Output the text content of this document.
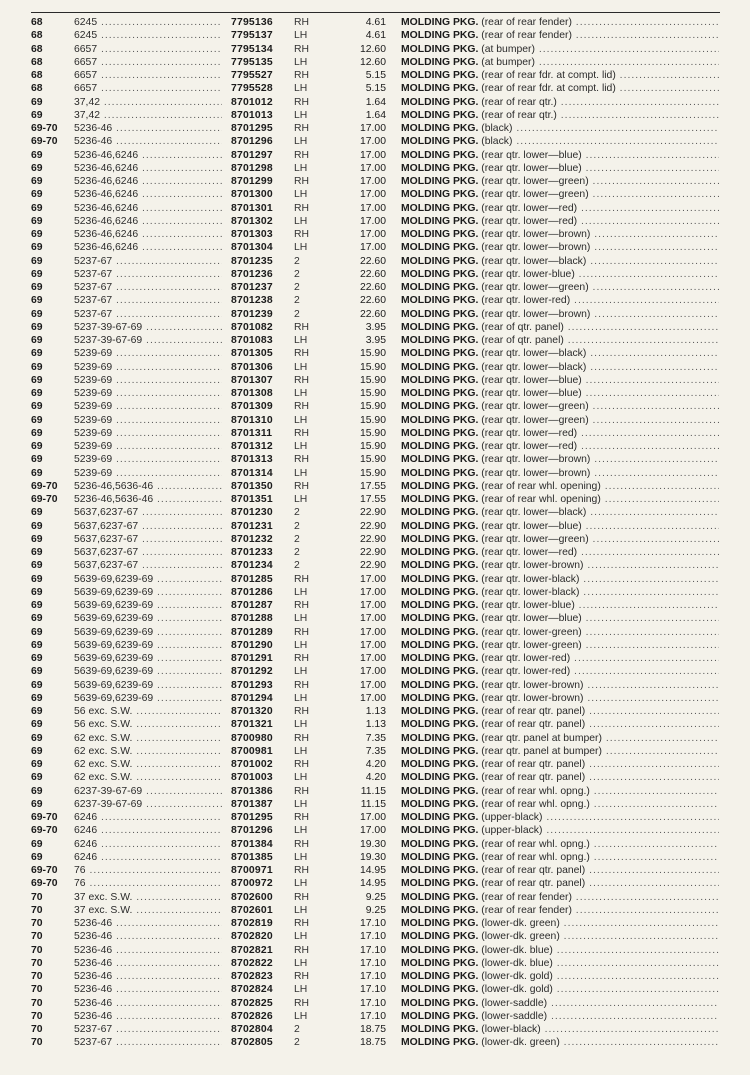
68	6245 .....	7795136 RH	4.61 MOLDING PKG. (rear of rear fender) .....
68	6245 .....	7795137 LH	4.61 MOLDING PKG. (rear of rear fender) .....
68	6657 .....	7795134 RH	12.60 MOLDING PKG. (at bumper) .....
68	6657 .....	7795135 LH	12.60 MOLDING PKG. (at bumper) .....
68	6657 .....	7795527 RH	5.15 MOLDING PKG. (rear of rear fdr. at compt. lid) .....
68	6657 .....	7795528 LH	5.15 MOLDING PKG. (rear of rear fdr. at compt. lid) .....
69	37,42 .....	8701012 RH	1.64 MOLDING PKG. (rear of rear qtr.) .....
69	37,42 .....	8701013 LH	1.64 MOLDING PKG. (rear of rear qtr.) .....
69-70 5236-46 .....	8701295 RH	17.00 MOLDING PKG. (black) .....
69-70 5236-46 .....	8701296 LH	17.00 MOLDING PKG. (black) .....
69	5236-46,6246 .....	8701297 RH	17.00 MOLDING PKG. (rear qtr. lower—blue) .....
69	5236-46,6246 .....	8701298 LH	17.00 MOLDING PKG. (rear qtr. lower—blue) .....
69	5236-46,6246 .....	8701299 RH	17.00 MOLDING PKG. (rear qtr. lower—green) .....
69	5236-46,6246 .....	8701300 LH	17.00 MOLDING PKG. (rear qtr. lower—green) .....
69	5236-46,6246 .....	8701301 RH	17.00 MOLDING PKG. (rear qtr. lower—red) .....
69	5236-46,6246 .....	8701302 LH	17.00 MOLDING PKG. (rear qtr. lower—red) .....
69	5236-46,6246 .....	8701303 RH	17.00 MOLDING PKG. (rear qtr. lower—brown) .....
69	5236-46,6246 .....	8701304 LH	17.00 MOLDING PKG. (rear qtr. lower—brown) .....
69	5237-67 .....	8701235 2	22.60 MOLDING PKG. (rear qtr. lower—black) .....
69	5237-67 .....	8701236 2	22.60 MOLDING PKG. (rear qtr. lower-blue) .....
69	5237-67 .....	8701237 2	22.60 MOLDING PKG. (rear qtr. lower—green) .....
69	5237-67 .....	8701238 2	22.60 MOLDING PKG. (rear qtr. lower-red) .....
69	5237-67 .....	8701239 2	22.60 MOLDING PKG. (rear qtr. lower—brown) .....
69	5237-39-67-69 .....	8701082 RH	3.95 MOLDING PKG. (rear of qtr. panel) .....
69	5237-39-67-69 .....	8701083 LH	3.95 MOLDING PKG. (rear of qtr. panel) .....
69	5239-69 .....	8701305 RH	15.90 MOLDING PKG. (rear qtr. lower—black) .....
69	5239-69 .....	8701306 LH	15.90 MOLDING PKG. (rear qtr. lower—black) .....
69	5239-69 .....	8701307 RH	15.90 MOLDING PKG. (rear qtr. lower—blue) .....
69	5239-69 .....	8701308 LH	15.90 MOLDING PKG. (rear qtr. lower—blue) .....
69	5239-69 .....	8701309 RH	15.90 MOLDING PKG. (rear qtr. lower—green) .....
69	5239-69 .....	8701310 LH	15.90 MOLDING PKG. (rear qtr. lower—green) .....
69	5239-69 .....	8701311 RH	15.90 MOLDING PKG. (rear qtr. lower—red) .....
69	5239-69 .....	8701312 LH	15.90 MOLDING PKG. (rear qtr. lower—red) .....
69	5239-69 .....	8701313 RH	15.90 MOLDING PKG. (rear qtr. lower—brown) .....
69	5239-69 .....	8701314 LH	15.90 MOLDING PKG. (rear qtr. lower—brown) .....
69-70 5236-46,5636-46 .....	8701350 RH	17.55 MOLDING PKG. (rear of rear whl. opening) .....
69-70 5236-46,5636-46 .....	8701351 LH	17.55 MOLDING PKG. (rear of rear whl. opening) .....
69	5637,6237-67 .....	8701230 2	22.90 MOLDING PKG. (rear qtr. lower—black) .....
69	5637,6237-67 .....	8701231 2	22.90 MOLDING PKG. (rear qtr. lower—blue) .....
69	5637,6237-67 .....	8701232 2	22.90 MOLDING PKG. (rear qtr. lower—green) .....
69	5637,6237-67 .....	8701233 2	22.90 MOLDING PKG. (rear qtr. lower—red) .....
69	5637,6237-67 .....	8701234 2	22.90 MOLDING PKG. (rear qtr. lower-brown) .....
69	5639-69,6239-69 .....	8701285 RH	17.00 MOLDING PKG. (rear qtr. lower-black) .....
69	5639-69,6239-69 .....	8701286 LH	17.00 MOLDING PKG. (rear qtr. lower-black) .....
69	5639-69,6239-69 .....	8701287 RH	17.00 MOLDING PKG. (rear qtr. lower-blue) .....
69	5639-69,6239-69 .....	8701288 LH	17.00 MOLDING PKG. (rear qtr. lower—blue) .....
69	5639-69,6239-69 .....	8701289 RH	17.00 MOLDING PKG. (rear qtr. lower-green) .....
69	5639-69,6239-69 .....	8701290 LH	17.00 MOLDING PKG. (rear qtr. lower-green) .....
69	5639-69,6239-69 .....	8701291 RH	17.00 MOLDING PKG. (rear qtr. lower-red) .....
69	5639-69,6239-69 .....	8701292 LH	17.00 MOLDING PKG. (rear qtr. lower-red) .....
69	5639-69,6239-69 .....	8701293 RH	17.00 MOLDING PKG. (rear qtr. lower-brown) .....
69	5639-69,6239-69 .....	8701294 LH	17.00 MOLDING PKG. (rear qtr. lower-brown) .....
69	56 exc. S.W. .....	8701320 RH	1.13 MOLDING PKG. (rear of rear qtr. panel) .....
69	56 exc. S.W. .....	8701321 LH	1.13 MOLDING PKG. (rear of rear qtr. panel) .....
69	62 exc. S.W. .....	8700980 RH	7.35 MOLDING PKG. (rear qtr. panel at bumper) .....
69	62 exc. S.W. .....	8700981 LH	7.35 MOLDING PKG. (rear qtr. panel at bumper) .....
69	62 exc. S.W. .....	8701002 RH	4.20 MOLDING PKG. (rear of rear qtr. panel) .....
69	62 exc. S.W. .....	8701003 LH	4.20 MOLDING PKG. (rear of rear qtr. panel) .....
69	6237-39-67-69 .....	8701386 RH	11.15 MOLDING PKG. (rear of rear whl. opng.) .....
69	6237-39-67-69 .....	8701387 LH	11.15 MOLDING PKG. (rear of rear whl. opng.) .....
69-70 6246 .....	8701295 RH	17.00 MOLDING PKG. (upper-black) .....
69-70 6246 .....	8701296 LH	17.00 MOLDING PKG. (upper-black) .....
69	6246 .....	8701384 RH	19.30 MOLDING PKG. (rear of rear whl. opng.) .....
69	6246 .....	8701385 LH	19.30 MOLDING PKG. (rear of rear whl. opng.) .....
69-70 76 .....	8700971 RH	14.95 MOLDING PKG. (rear of rear qtr. panel) .....
69-70 76 .....	8700972 LH	14.95 MOLDING PKG. (rear of rear qtr. panel) .....
70	37 exc. S.W. .....	8702600 RH	9.25 MOLDING PKG. (rear of rear fender) .....
70	37 exc. S.W. .....	8702601 LH	9.25 MOLDING PKG. (rear of rear fender) .....
70	5236-46 .....	8702819 RH	17.10 MOLDING PKG. (lower-dk. green) .....
70	5236-46 .....	8702820 LH	17.10 MOLDING PKG. (lower-dk. green) .....
70	5236-46 .....	8702821 RH	17.10 MOLDING PKG. (lower-dk. blue) .....
70	5236-46 .....	8702822 LH	17.10 MOLDING PKG. (lower-dk. blue) .....
70	5236-46 .....	8702823 RH	17.10 MOLDING PKG. (lower-dk. gold) .....
70	5236-46 .....	8702824 LH	17.10 MOLDING PKG. (lower-dk. gold) .....
70	5236-46 .....	8702825 RH	17.10 MOLDING PKG. (lower-saddle) .....
70	5236-46 .....	8702826 LH	17.10 MOLDING PKG. (lower-saddle) .....
70	5237-67 .....	8702804 2	18.75 MOLDING PKG. (lower-black) .....
70	5237-67 .....	8702805 2	18.75 MOLDING PKG. (lower-dk. green) .....
